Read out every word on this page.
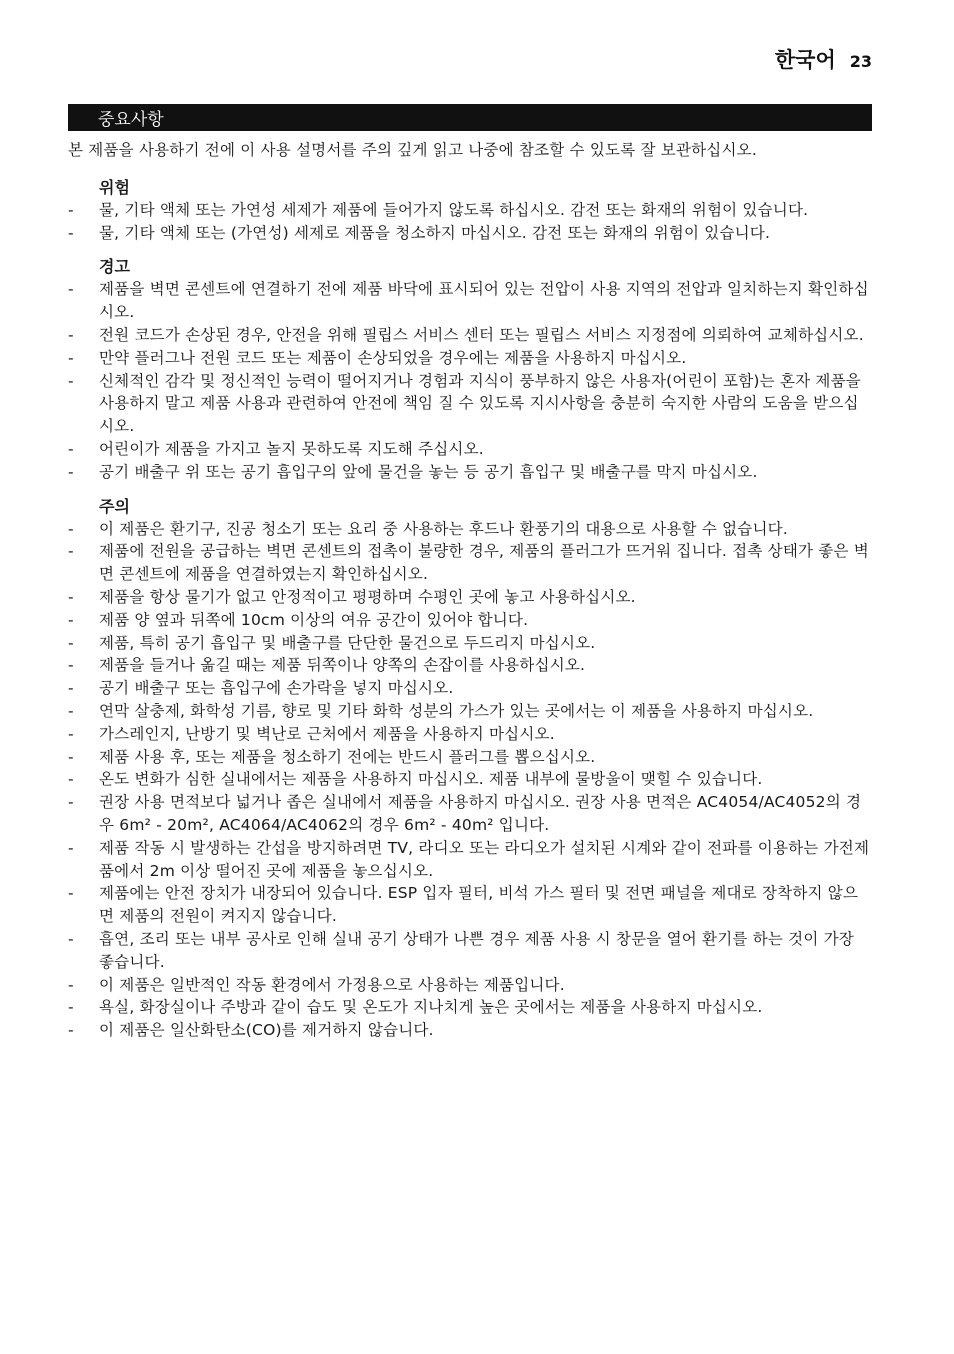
한국어 23
중요사항

본 제품을 사용하기 전에 이 사용 설명서를 주의 깊게 읽고 나중에 참조할 수 있도록 잘 보관하십시오.

위험
- 물, 기타 액체 또는 가연성 세제가 제품에 들어가지 않도록 하십시오. 감전 또는 화재의 위험이 있습니다.
- 물, 기타 액체 또는 (가연성) 세제로 제품을 청소하지 마십시오. 감전 또는 화재의 위험이 있습니다.
경고
- 제품을 벽면 콘센트에 연결하기 전에 제품 바닥에 표시되어 있는 전압이 사용 지역의 전압과 일치하는지 확인하십시오.
- 전원 코드가 손상된 경우, 안전을 위해 필립스 서비스 센터 또는 필립스 서비스 지정점에 의뢰하여 교체하십시오.
- 만약 플러그나 전원 코드 또는 제품이 손상되었을 경우에는 제품을 사용하지 마십시오.
- 신체적인 감각 및 정신적인 능력이 떨어지거나 경험과 지식이 풍부하지 않은 사용자(어린이 포함)는 혼자 제품을 사용하지 말고 제품 사용과 관련하여 안전에 책임 질 수 있도록 지시사항을 충분히 숙지한 사람의 도움을 받으십시오.
- 어린이가 제품을 가지고 놀지 못하도록 지도해 주십시오.
- 공기 배출구 위 또는 공기 흡입구의 앞에 물건을 놓는 등 공기 흡입구 및 배출구를 막지 마십시오.
주의
- 이 제품은 환기구, 진공 청소기 또는 요리 중 사용하는 후드나 환풍기의 대용으로 사용할 수 없습니다.
- 제품에 전원을 공급하는 벽면 콘센트의 접촉이 불량한 경우, 제품의 플러그가 뜨거워 집니다. 접촉 상태가 좋은 벽면 콘센트에 제품을 연결하였는지 확인하십시오.
- 제품을 항상 물기가 없고 안정적이고 평평하며 수평인 곳에 놓고 사용하십시오.
- 제품 양 옆과 뒤쪽에 10cm 이상의 여유 공간이 있어야 합니다.
- 제품, 특히 공기 흡입구 및 배출구를 단단한 물건으로 두드리지 마십시오.
- 제품을 들거나 옮길 때는 제품 뒤쪽이나 양쪽의 손잡이를 사용하십시오.
- 공기 배출구 또는 흡입구에 손가락을 넣지 마십시오.
- 연막 살충제, 화학성 기름, 향로 및 기타 화학 성분의 가스가 있는 곳에서는 이 제품을 사용하지 마십시오.
- 가스레인지, 난방기 및 벽난로 근처에서 제품을 사용하지 마십시오.
- 제품 사용 후, 또는 제품을 청소하기 전에는 반드시 플러그를 뽑으십시오.
- 온도 변화가 심한 실내에서는 제품을 사용하지 마십시오. 제품 내부에 물방울이 맺힐 수 있습니다.
- 권장 사용 면적보다 넓거나 좁은 실내에서 제품을 사용하지 마십시오. 권장 사용 면적은 AC4054/AC4052의 경우 6m² - 20m², AC4064/AC4062의 경우 6m² - 40m² 입니다.
- 제품 작동 시 발생하는 간섭을 방지하려면 TV, 라디오 또는 라디오가 설치된 시계와 같이 전파를 이용하는 가전제품에서 2m 이상 떨어진 곳에 제품을 놓으십시오.
- 제품에는 안전 장치가 내장되어 있습니다. ESP 입자 필터, 비석 가스 필터 및 전면 패널을 제대로 장착하지 않으면 제품의 전원이 켜지지 않습니다.
- 흡연, 조리 또는 내부 공사로 인해 실내 공기 상태가 나쁜 경우 제품 사용 시 창문을 열어 환기를 하는 것이 가장 좋습니다.
- 이 제품은 일반적인 작동 환경에서 가정용으로 사용하는 제품입니다.
- 욕실, 화장실이나 주방과 같이 습도 및 온도가 지나치게 높은 곳에서는 제품을 사용하지 마십시오.
- 이 제품은 일산화탄소(CO)를 제거하지 않습니다.
